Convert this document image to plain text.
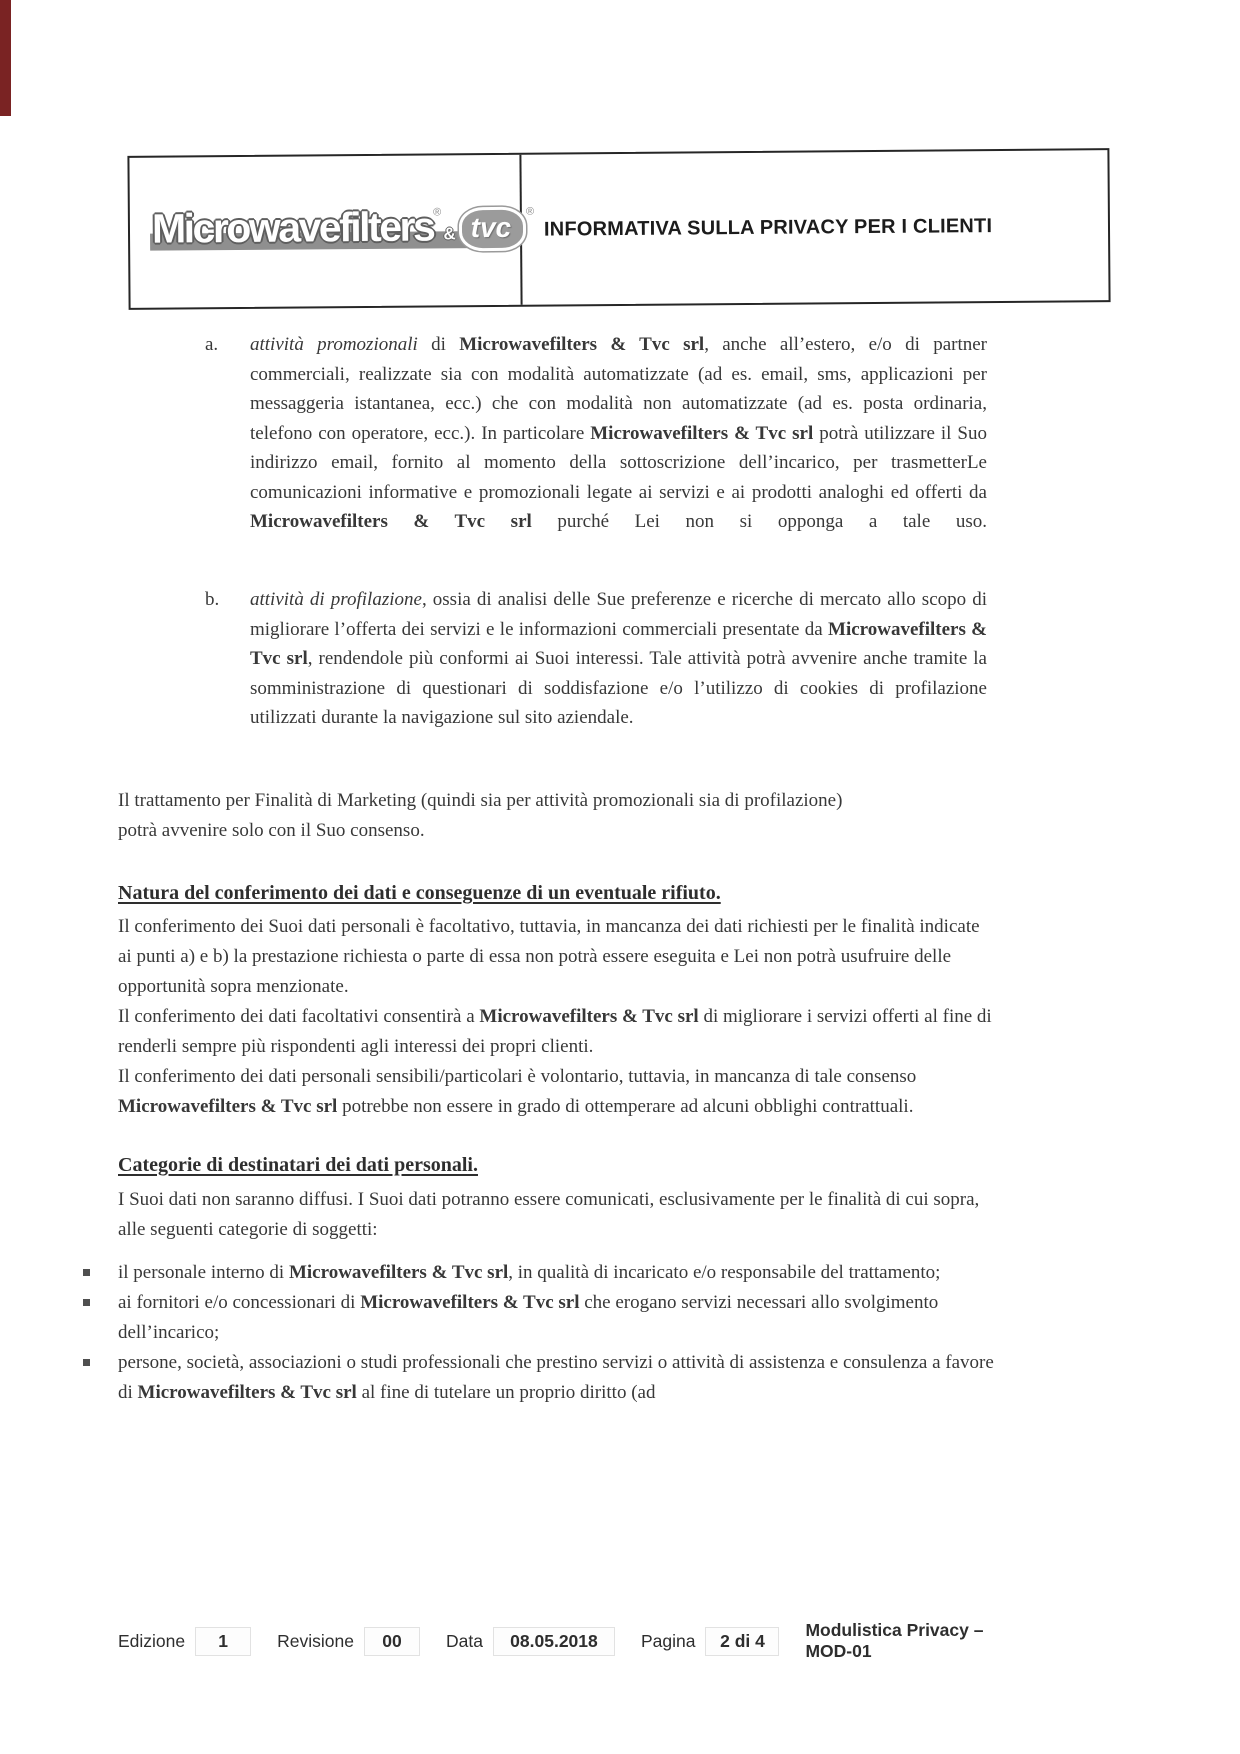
Microwavefilters ®
& tvc
®
INFORMATIVA SULLA PRIVACY PER I CLIENTI
a.	attività promozionali di Microwavefilters & Tvc srl, anche all’estero, e/o di partner commerciali, realizzate sia con modalità automatizzate (ad es. email, sms, applicazioni per messaggeria istantanea, ecc.) che con modalità non automatizzate (ad es. posta ordinaria, telefono con operatore, ecc.). In particolare Microwavefilters & Tvc srl potrà utilizzare il Suo indirizzo email, fornito al momento della sottoscrizione dell’incarico, per trasmetterLe comunicazioni informative e promozionali legate ai servizi e ai prodotti analoghi ed offerti da Microwavefilters & Tvc srl purché Lei non si opponga a tale uso.

b.	attività di profilazione, ossia di analisi delle Sue preferenze e ricerche di mercato allo scopo di migliorare l’offerta dei servizi e le informazioni commerciali presentate da Microwavefilters & Tvc srl, rendendole più conformi ai Suoi interessi. Tale attività potrà avvenire anche tramite la somministrazione di questionari di soddisfazione e/o l’utilizzo di cookies di profilazione utilizzati durante la navigazione sul sito aziendale.

Il trattamento per Finalità di Marketing (quindi sia per attività promozionali sia di profilazione) potrà avvenire solo con il Suo consenso.

Natura del conferimento dei dati e conseguenze di un eventuale rifiuto.

Il conferimento dei Suoi dati personali è facoltativo, tuttavia, in mancanza dei dati richiesti per le finalità indicate ai punti a) e b) la prestazione richiesta o parte di essa non potrà essere eseguita e Lei non potrà usufruire delle opportunità sopra menzionate.

Il conferimento dei dati facoltativi consentirà a Microwavefilters & Tvc srl di migliorare i servizi offerti al fine di renderli sempre più rispondenti agli interessi dei propri clienti.

Il conferimento dei dati personali sensibili/particolari è volontario, tuttavia, in mancanza di tale consenso Microwavefilters & Tvc srl potrebbe non essere in grado di ottemperare ad alcuni obblighi contrattuali.

Categorie di destinatari dei dati personali.

I Suoi dati non saranno diffusi. I Suoi dati potranno essere comunicati, esclusivamente per le finalità di cui sopra, alle seguenti categorie di soggetti:

il personale interno di Microwavefilters & Tvc srl, in qualità di incaricato e/o responsabile del trattamento;

ai fornitori e/o concessionari di Microwavefilters & Tvc srl che erogano servizi necessari allo svolgimento dell’incarico;

persone, società, associazioni o studi professionali che prestino servizi o attività di assistenza e consulenza a favore di Microwavefilters & Tvc srl al fine di tutelare un proprio diritto (ad

Edizione	1	Revisione	00	Data	08.05.2018	Pagina	2 di 4
Modulistica Privacy – MOD-01
